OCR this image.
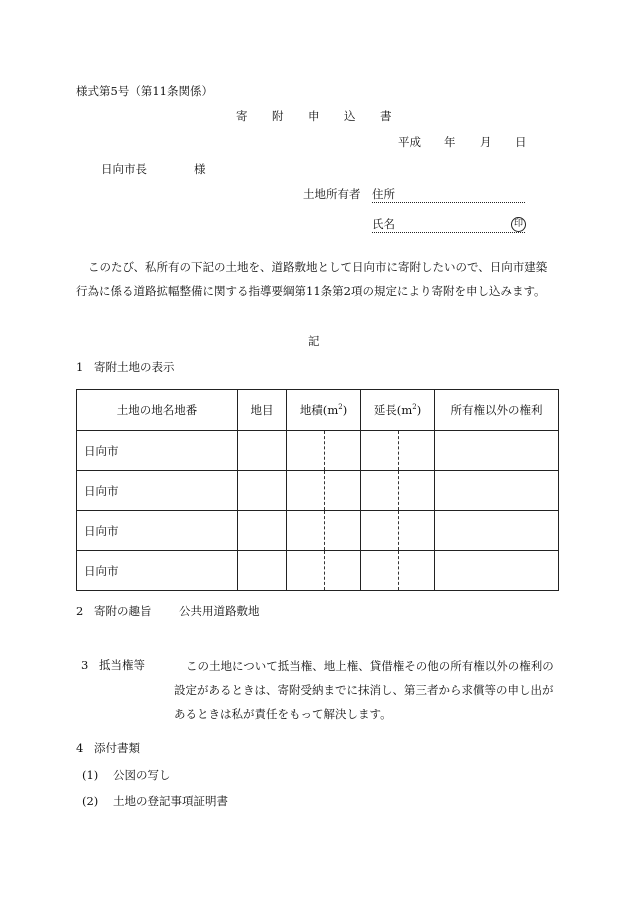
様式第5号（第11条関係）
寄 附 申 込 書
平成 年 月 日
日向市長	様
土地所有者 住所
氏名	印
このたび、私所有の下記の土地を、道路敷地として日向市に寄附したいので、日向市建築行為に係る道路拡幅整備に関する指導要綱第11条第2項の規定により寄附を申し込みます。
記
1 寄附土地の表示
土地の地名地番	地目	地積$(m^2)$	延長$(m^2)$	所有権以外の権利
日向市				
日向市				
日向市				
日向市				
2 寄附の趣旨 公共用道路敷地
3 抵当権等	この土地について抵当権、地上権、貸借権その他の所有権以外の権利の設定があるときは、寄附受納までに抹消し、第三者から求償等の申し出があるときは私が責任をもって解決します。
4 添付書類
(1) 公図の写し
(2) 土地の登記事項証明書
